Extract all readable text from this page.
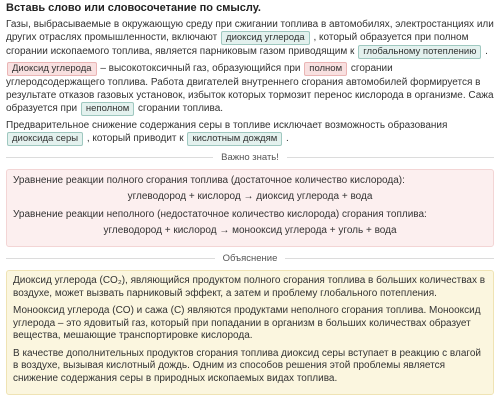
Вставь слово или словосочетание по смыслу.
Газы, выбрасываемые в окружающую среду при сжигании топлива в автомобилях, электростанциях или других отраслях промышленности, включают диоксид углерода , который образуется при полном сгорании ископаемого топлива, является парниковым газом приводящим к глобальному потеплению .
Диоксид углерода – высокотоксичный газ, образующийся при полном сгорании углеродсодержащего топлива. Работа двигателей внутреннего сгорания автомобилей формируется в результате отказов газовых установок, избыток которых тормозит перенос кислорода в организме. Сажа образуется при неполном сгорании топлива.
Предварительное снижение содержания серы в топливе исключает возможность образования диоксида серы , который приводит к кислотным дождям .
Важно знать!
Уравнение реакции полного сгорания топлива (достаточное количество кислорода):
углеводород + кислород → диоксид углерода + вода
Уравнение реакции неполного (недостаточное количество кислорода) сгорания топлива:
углеводород + кислород → монооксид углерода + уголь + вода
Объяснение

Диоксид углерода (CO₂), являющийся продуктом полного сгорания топлива в больших количествах в воздухе, может вызвать парниковый эффект, а затем и проблему глобального потепления.

Монооксид углерода (CO) и сажа (C) являются продуктами неполного сгорания топлива. Монооксид углерода – это ядовитый газ, который при попадании в организм в больших количествах образует вещества, мешающие транспортировке кислорода.

В качестве дополнительных продуктов сгорания топлива диоксид серы вступает в реакцию с влагой в воздухе, вызывая кислотный дождь. Одним из способов решения этой проблемы является снижение содержания серы в природных ископаемых видах топлива.
